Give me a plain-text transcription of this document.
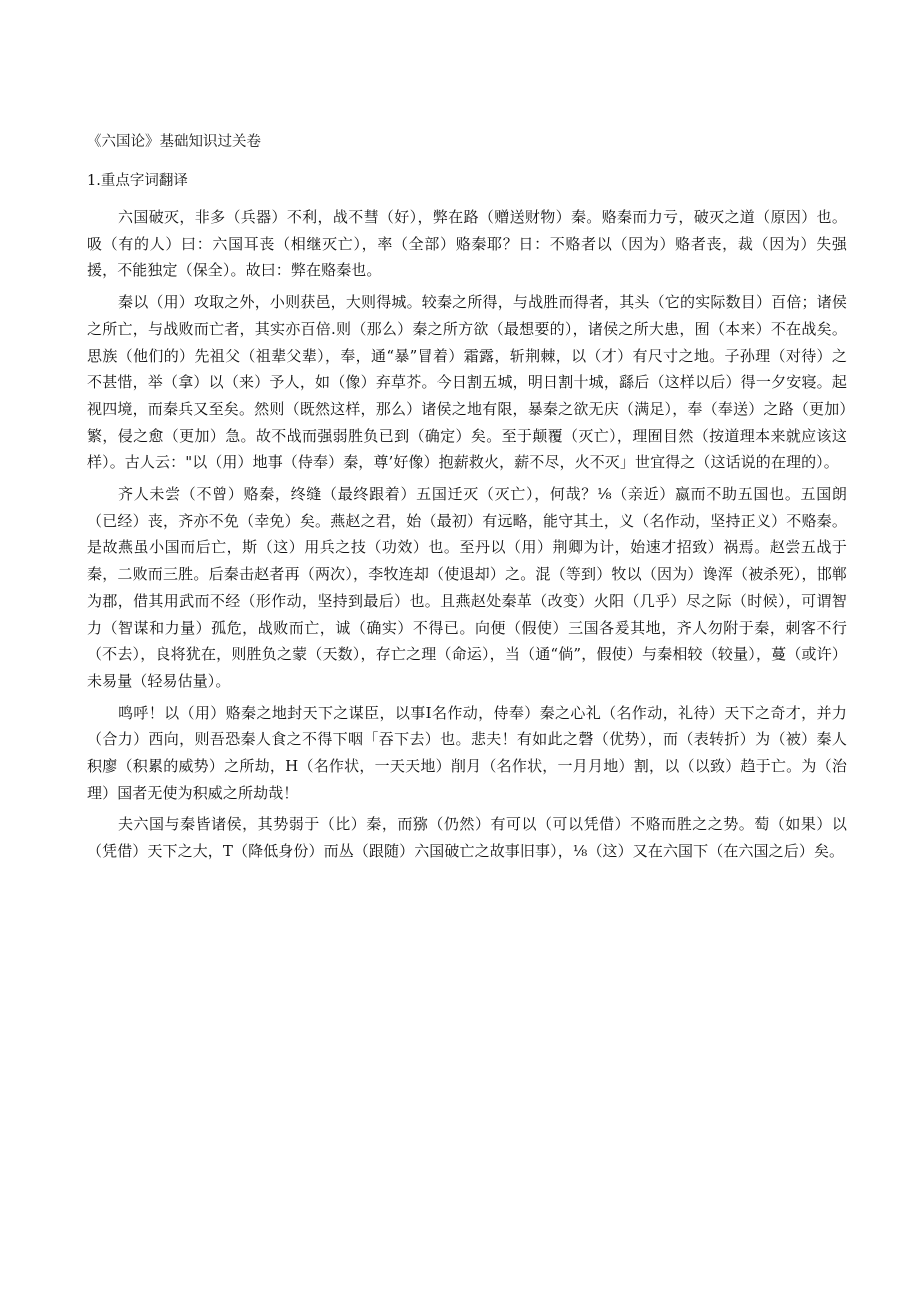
《六国论》基础知识过关卷
1.重点字词翻译

六国破灭，非多（兵器）不利，战不彗（好），弊在路（赠送财物）秦。赂秦而力亏，破灭之道（原因）也。吸（有的人）曰：六国耳丧（相继灭亡），率（全部）赂秦耶？日：不赂者以（因为）赂者丧，裁（因为）失强援，不能独定（保全）。故曰：弊在赂秦也。

秦以（用）攻取之外，小则获邑，大则得城。较秦之所得，与战胜而得者，其头（它的实际数目）百倍；诸侯之所亡，与战败而亡者，其实亦百倍.则（那么）秦之所方欲（最想要的），诸侯之所大患，囿（本来）不在战矣。思族（他们的）先祖父（祖辈父辈），奉，通“暴”冒着）霜露，斩荆棘，以（才）有尺寸之地。子孙理（对待）之不甚惜，举（拿）以（来）予人，如（像）弃草芥。今日割五城，明日割十城，繇后（这样以后）得一夕安寝。起视四境，而秦兵又至矣。然则（既然这样，那么）诸侯之地有限，暴秦之欲无庆（满足），奉（奉送）之路（更加）繁，侵之愈（更加）急。故不战而强弱胜负已到（确定）矣。至于颠覆（灭亡），理囿目然（按道理本来就应该这样）。古人云："以（用）地事（侍奉）秦，尊’好像）抱薪救火，薪不尽，火不灭」世宜得之（这话说的在理的）。

齐人未尝（不曾）赂秦，终缝（最终跟着）五国迁灭（灭亡），何哉？⅛（亲近）嬴而不助五国也。五国朗（已经）丧，齐亦不免（幸免）矣。燕赵之君，始（最初）有远略，能守其土，义（名作动，坚持正义）不赂秦。是故燕虽小国而后亡，斯（这）用兵之技（功效）也。至丹以（用）荆卿为计，始速才招致）祸焉。赵尝五战于秦，二败而三胜。后秦击赵者再（两次），李牧连却（使退却）之。混（等到）牧以（因为）谗浑（被杀死），邯郸为郡，借其用武而不经（形作动，坚持到最后）也。且燕赵处秦革（改变）火阳（几乎）尽之际（时候），可谓智力（智谋和力量）孤危，战败而亡，诚（确实）不得已。向便（假使）三国各爰其地，齐人勿附于秦，刺客不行（不去），良将犹在，则胜负之蒙（天数），存亡之理（命运），当（通“倘”，假使）与秦相较（较量），蔓（或许）未易量（轻易估量）。

鸣呼！以（用）赂秦之地封天下之谋臣，以事I名作动，侍奉）秦之心礼（名作动，礼待）天下之奇才，并力（合力）西向，则吾恐秦人食之不得下咽「吞下去）也。悲夫！有如此之磬（优势），而（表转折）为（被）秦人积廖（积累的威势）之所劫，H（名作状，一天天地）削月（名作状，一月月地）割，以（以致）趋于亡。为（治理）国者无使为积威之所劫哉！

夫六国与秦皆诸侯，其势弱于（比）秦，而猕（仍然）有可以（可以凭借）不赂而胜之之势。萄（如果）以（凭借）天下之大，T（降低身份）而丛（跟随）六国破亡之故事旧事），⅛（这）又在六国下（在六国之后）矣。
